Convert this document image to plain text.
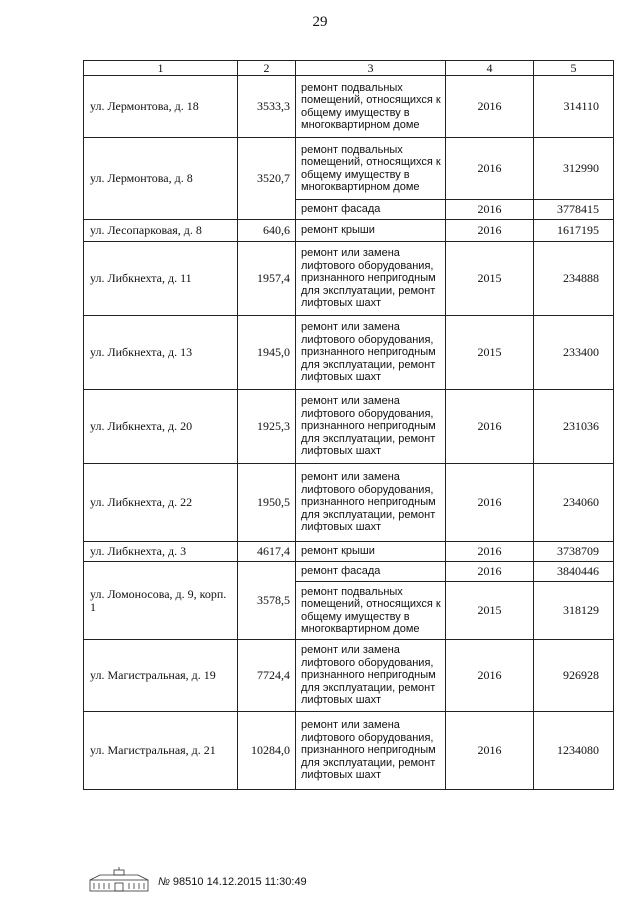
29
1	2	3	4	5
ул. Лермонтова, д. 18	3533,3	ремонт подвальных помещений, относящихся к общему имуществу в многоквартирном доме	2016	314110
ул. Лермонтова, д. 8	3520,7	ремонт подвальных помещений, относящихся к общему имуществу в многоквартирном доме	2016	312990
		ремонт фасада	2016	3778415
ул. Лесопарковая, д. 8	640,6	ремонт крыши	2016	1617195
ул. Либкнехта, д. 11	1957,4	ремонт или замена лифтового оборудования, признанного непригодным для эксплуатации, ремонт лифтовых шахт	2015	234888
ул. Либкнехта, д. 13	1945,0	ремонт или замена лифтового оборудования, признанного непригодным для эксплуатации, ремонт лифтовых шахт	2015	233400
ул. Либкнехта, д. 20	1925,3	ремонт или замена лифтового оборудования, признанного непригодным для эксплуатации, ремонт лифтовых шахт	2016	231036
ул. Либкнехта, д. 22	1950,5	ремонт или замена лифтового оборудования, признанного непригодным для эксплуатации, ремонт лифтовых шахт	2016	234060
ул. Либкнехта, д. 3	4617,4	ремонт крыши	2016	3738709
ул. Ломоносова, д. 9, корп. 1	3578,5	ремонт фасада	2016	3840446
		ремонт подвальных помещений, относящихся к общему имуществу в многоквартирном доме	2015	318129
ул. Магистральная, д. 19	7724,4	ремонт или замена лифтового оборудования, признанного непригодным для эксплуатации, ремонт лифтовых шахт	2016	926928
ул. Магистральная, д. 21	10284,0	ремонт или замена лифтового оборудования, признанного непригодным для эксплуатации, ремонт лифтовых шахт	2016	1234080
№ 98510 14.12.2015 11:30:49
